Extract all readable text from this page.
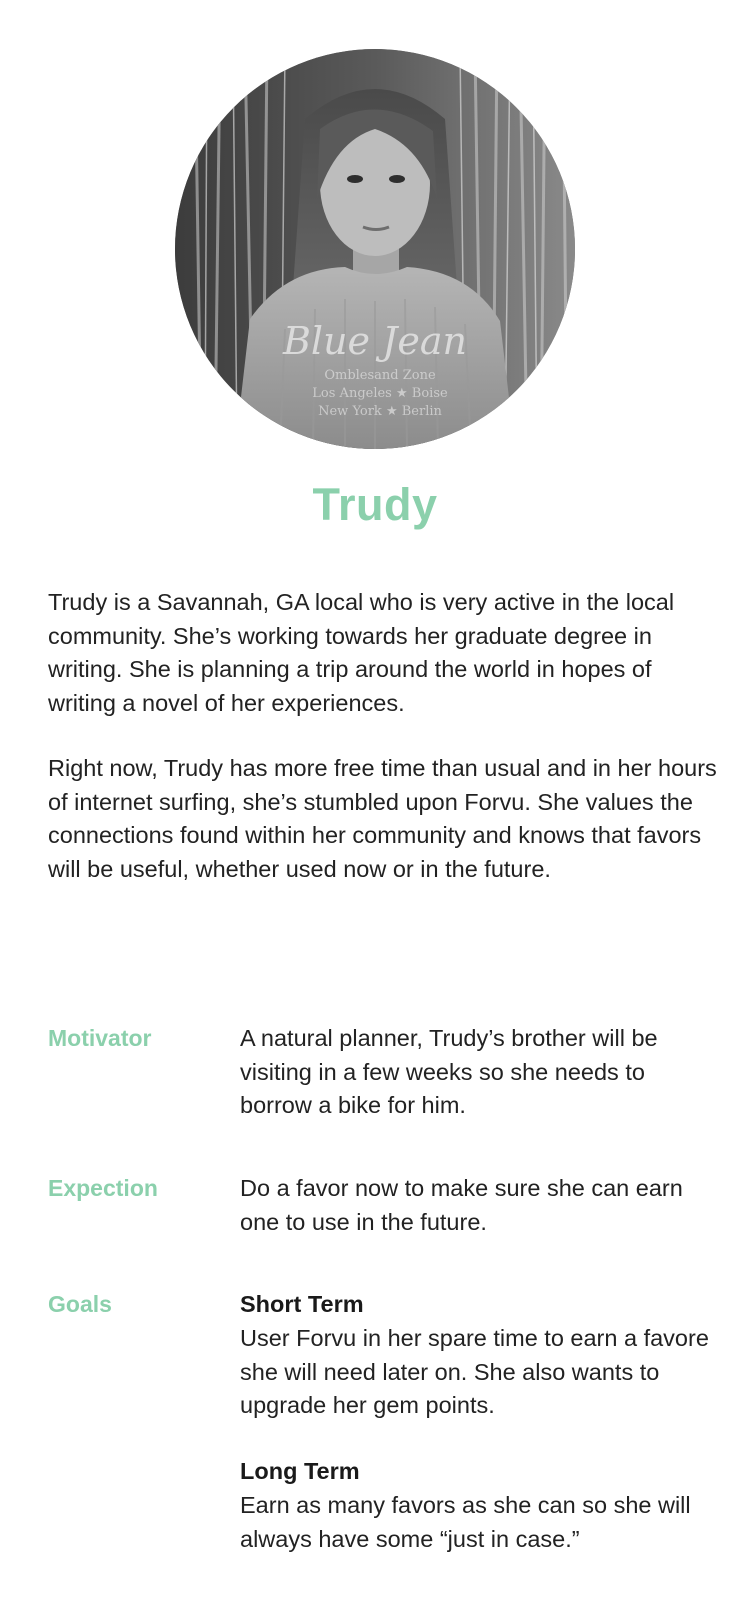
Blue Jean
Omblesand Zone
Los Angeles ★ Boise
New York ★ Berlin
Trudy

Trudy is a Savannah, GA local who is very active in the local community. She’s working towards her graduate degree in writing. She is planning a trip around the world in hopes of writing a novel of her experiences.

Right now, Trudy has more free time than usual and in her hours of internet surfing, she’s stumbled upon Forvu. She values the connections found within her community and knows that favors will be useful, whether used now or in the future.

Motivator	A natural planner, Trudy’s brother will be visiting in a few weeks so she needs to borrow a bike for him.

Expection	Do a favor now to make sure she can earn one to use in the future.

Goals	Short Term

User Forvu in her spare time to earn a favore she will need later on. She also wants to upgrade her gem points.

Long Term

Earn as many favors as she can so she will always have some “just in case.”
